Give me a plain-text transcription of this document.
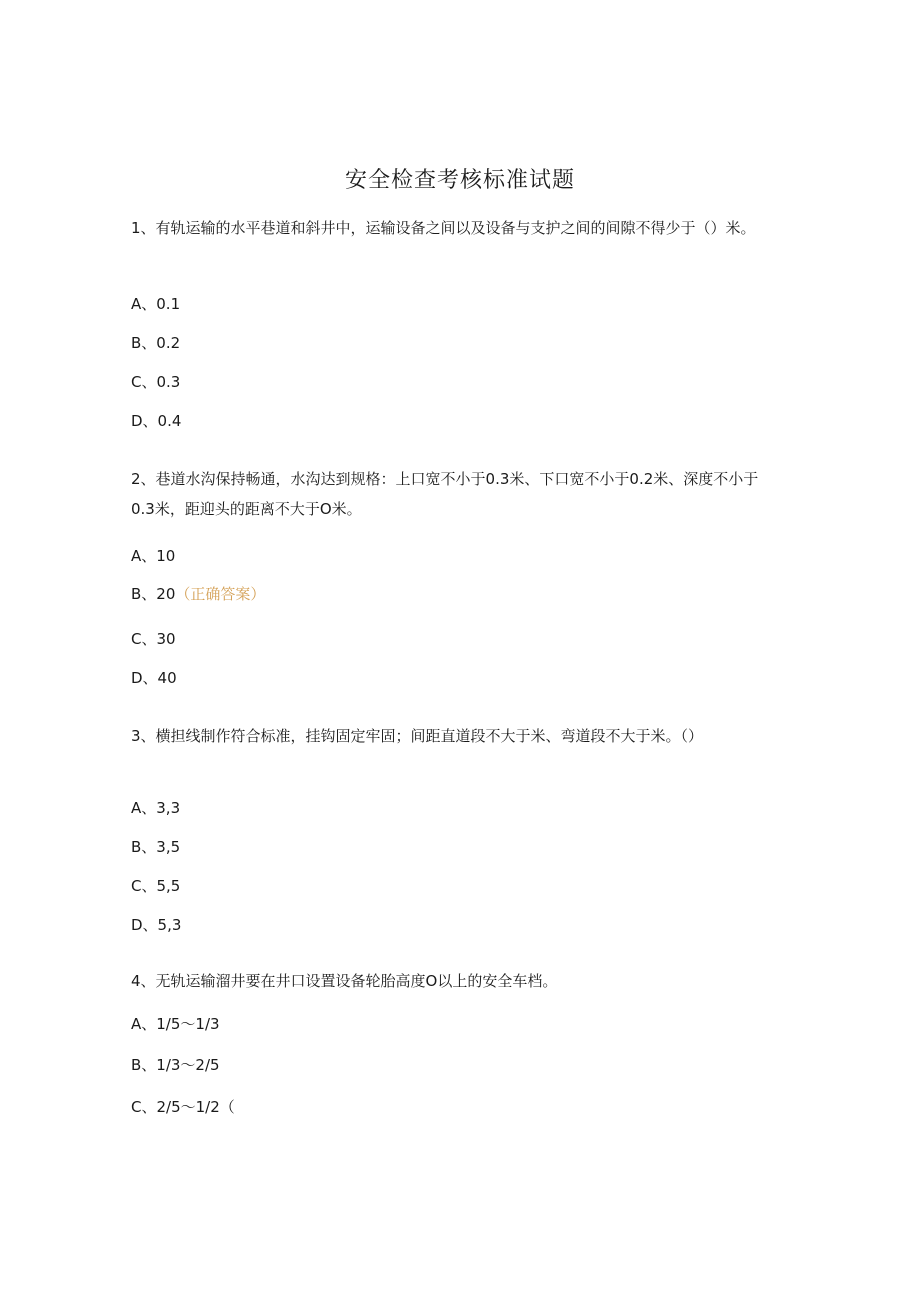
安全检查考核标准试题
1、有轨运输的水平巷道和斜井中，运输设备之间以及设备与支护之间的间隙不得少于（）米。
A、0.1
B、0.2
C、0.3
D、0.4
2、巷道水沟保持畅通，水沟达到规格：上口宽不小于0.3米、下口宽不小于0.2米、深度不小于0.3米，距迎头的距离不大于O米。
A、10
B、20（正确答案）
C、30
D、40
3、横担线制作符合标准，挂钩固定牢固；间距直道段不大于米、弯道段不大于米。（）
A、3,3
B、3,5
C、5,5
D、5,3
4、无轨运输溜井要在井口设置设备轮胎高度O以上的安全车档。
A、1/5～1/3
B、1/3～2/5
C、2/5～1/2（
